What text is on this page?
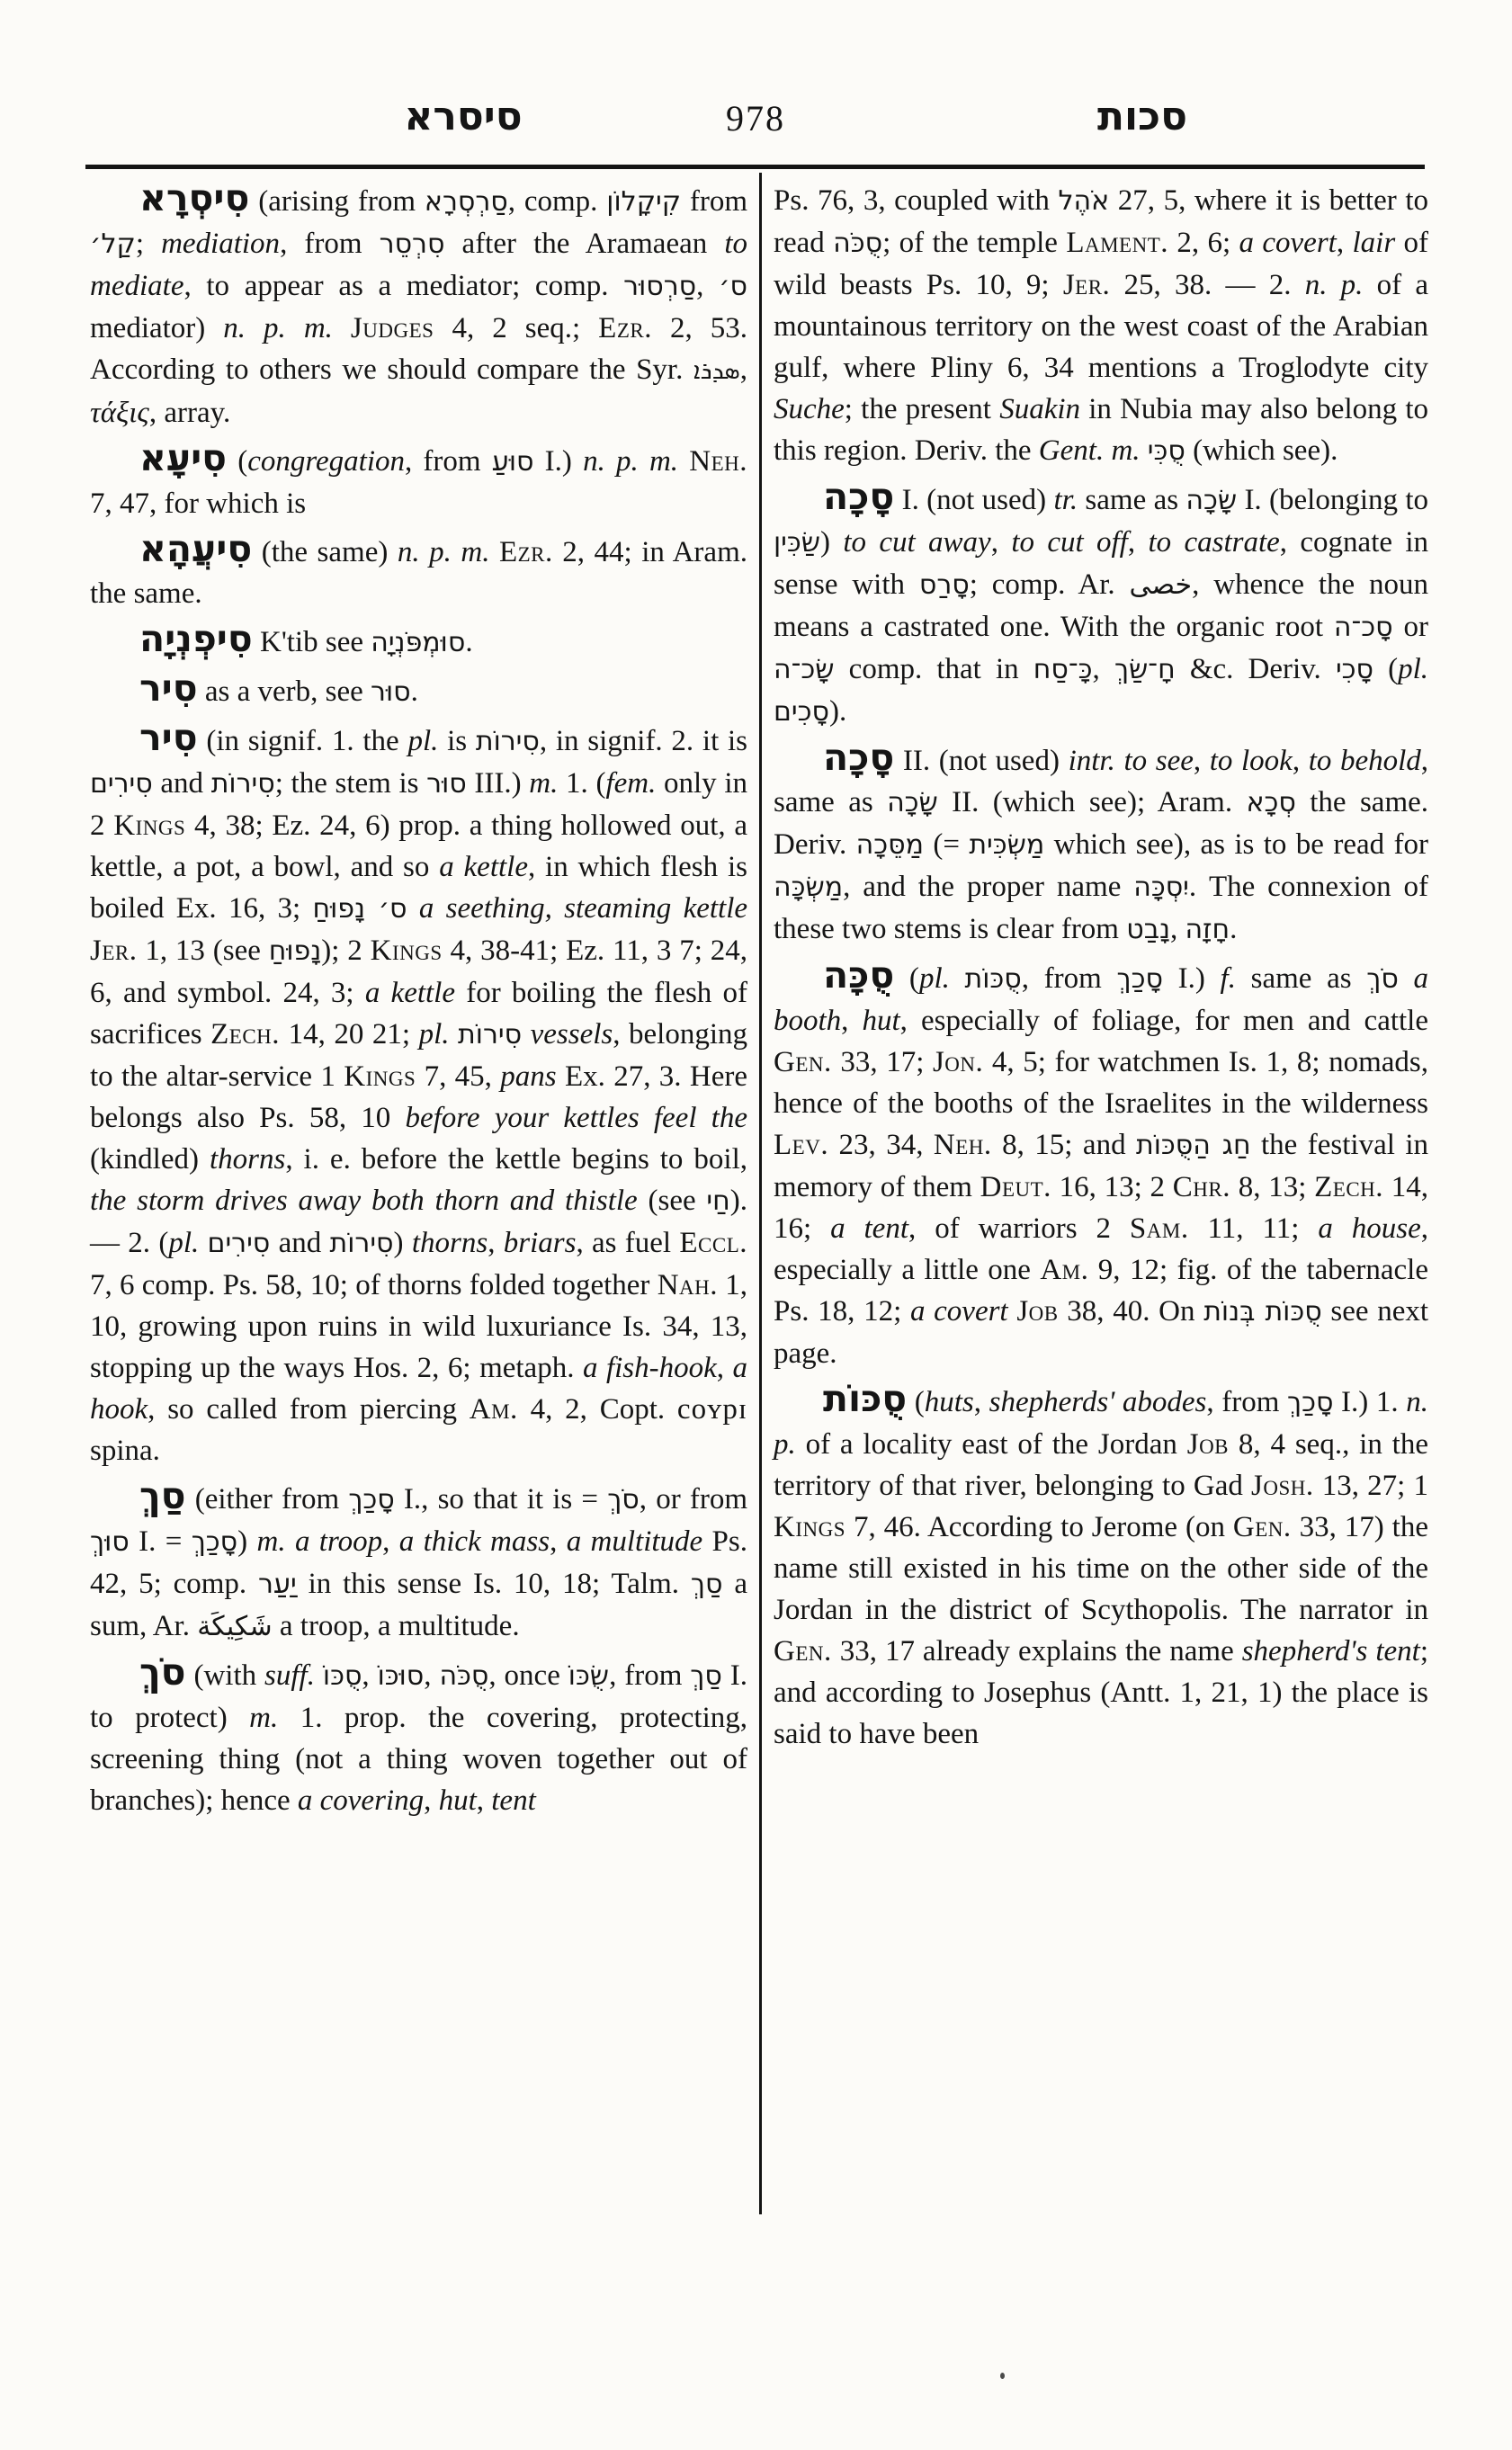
סיסרא	978	סכות

סִיסְרָא (arising from סַרְסְרָא, comp. קִיקָלוֹן from קַל׳; mediation, from סִרְסֵר after the Aramaean to mediate, to appear as a mediator; comp. סַרְסוּר, ס׳ mediator) n. p. m. Judges 4, 2 seq.; Ezr. 2, 53. According to others we should compare the Syr. ܣܕܪܐ, τάξις, array.

סִיעָא (congregation, from סוּעַ I.) n. p. m. Neh. 7, 47, for which is

סִיעֲהָא (the same) n. p. m. Ezr. 2, 44; in Aram. the same.

סִיפְנְיָה K'tib see סוּמְפֹּנְיָה.

סִיר as a verb, see סוּר.

סִיר (in signif. 1. the pl. is סִירוֹת, in signif. 2. it is סִירִים and סִירוֹת; the stem is סוּר III.) m. 1. (fem. only in 2 Kings 4, 38; Ez. 24, 6) prop. a thing hollowed out, a kettle, a pot, a bowl, and so a kettle, in which flesh is boiled Ex. 16, 3; ס׳ נָפוּחַ a seething, steaming kettle Jer. 1, 13 (see נָפוּחַ); 2 Kings 4, 38-41; Ez. 11, 3 7; 24, 6, and symbol. 24, 3; a kettle for boiling the flesh of sacrifices Zech. 14, 20 21; pl. סִירוֹת vessels, belonging to the altar-service 1 Kings 7, 45, pans Ex. 27, 3. Here belongs also Ps. 58, 10 before your kettles feel the (kindled) thorns, i. e. before the kettle begins to boil, the storm drives away both thorn and thistle (see חַי). — 2. (pl. סִירִים and סִירוֹת) thorns, briars, as fuel Eccl. 7, 6 comp. Ps. 58, 10; of thorns folded together Nah. 1, 10, growing upon ruins in wild luxuriance Is. 34, 13, stopping up the ways Hos. 2, 6; metaph. a fish-hook, a hook, so called from piercing Am. 4, 2, Copt. coʏpɪ spina.

סַךְ (either from סָכַךְ I., so that it is = סֹךְ, or from סוּךְ I. = סָכַךְ) m. a troop, a thick mass, a multitude Ps. 42, 5; comp. יַעַר in this sense Is. 10, 18; Talm. סַךְ a sum, Ar. شَكِيكَة a troop, a multitude.

סֹךְ (with suff. סֻכּוֹ, סוּכּוֹ, סֻכֹּה, once שֻׂכּוֹ, from סַךְ I. to protect) m. 1. prop. the covering, protecting, screening thing (not a thing woven together out of branches); hence a covering, hut, tent

Ps. 76, 3, coupled with אֹהֶל 27, 5, where it is better to read סֻכֹּה; of the temple Lament. 2, 6; a covert, lair of wild beasts Ps. 10, 9; Jer. 25, 38. — 2. n. p. of a mountainous territory on the west coast of the Arabian gulf, where Pliny 6, 34 mentions a Troglodyte city Suche; the present Suakin in Nubia may also belong to this region. Deriv. the Gent. m. סֻכִּי (which see).

סָכָה I. (not used) tr. same as שָׂכָה I. (belonging to שַׂכִּין) to cut away, to cut off, to castrate, cognate in sense with סָרַס; comp. Ar. خصى, whence the noun means a castrated one. With the organic root סָכ־ה or שָׂכ־ה comp. that in כָּ־סַח, חָ־שַׂךְ &c. Deriv. סָכִי (pl. סָכִים).

סָכָה II. (not used) intr. to see, to look, to behold, same as שָׂכָה II. (which see); Aram. סְכָא the same. Deriv. מַסֵּכָה (= מַשְׂכִּית which see), as is to be read for מַשְׂכָּה, and the proper name יִסְכָּה. The connexion of these two stems is clear from נָבַט, חָזָה.

סֻכָּה (pl. סֻכּוֹת, from סָכַךְ I.) f. same as סֹךְ a booth, hut, especially of foliage, for men and cattle Gen. 33, 17; Jon. 4, 5; for watchmen Is. 1, 8; nomads, hence of the booths of the Israelites in the wilderness Lev. 23, 34, Neh. 8, 15; and חַג הַסֻּכּוֹת the festival in memory of them Deut. 16, 13; 2 Chr. 8, 13; Zech. 14, 16; a tent, of warriors 2 Sam. 11, 11; a house, especially a little one Am. 9, 12; fig. of the tabernacle Ps. 18, 12; a covert Job 38, 40. On סֻכּוֹת בְּנוֹת see next page.

סֻכּוֹת (huts, shepherds' abodes, from סָכַךְ I.) 1. n. p. of a locality east of the Jordan Job 8, 4 seq., in the territory of that river, belonging to Gad Josh. 13, 27; 1 Kings 7, 46. According to Jerome (on Gen. 33, 17) the name still existed in his time on the other side of the Jordan in the district of Scythopolis. The narrator in Gen. 33, 17 already explains the name shepherd's tent; and according to Josephus (Antt. 1, 21, 1) the place is said to have been
